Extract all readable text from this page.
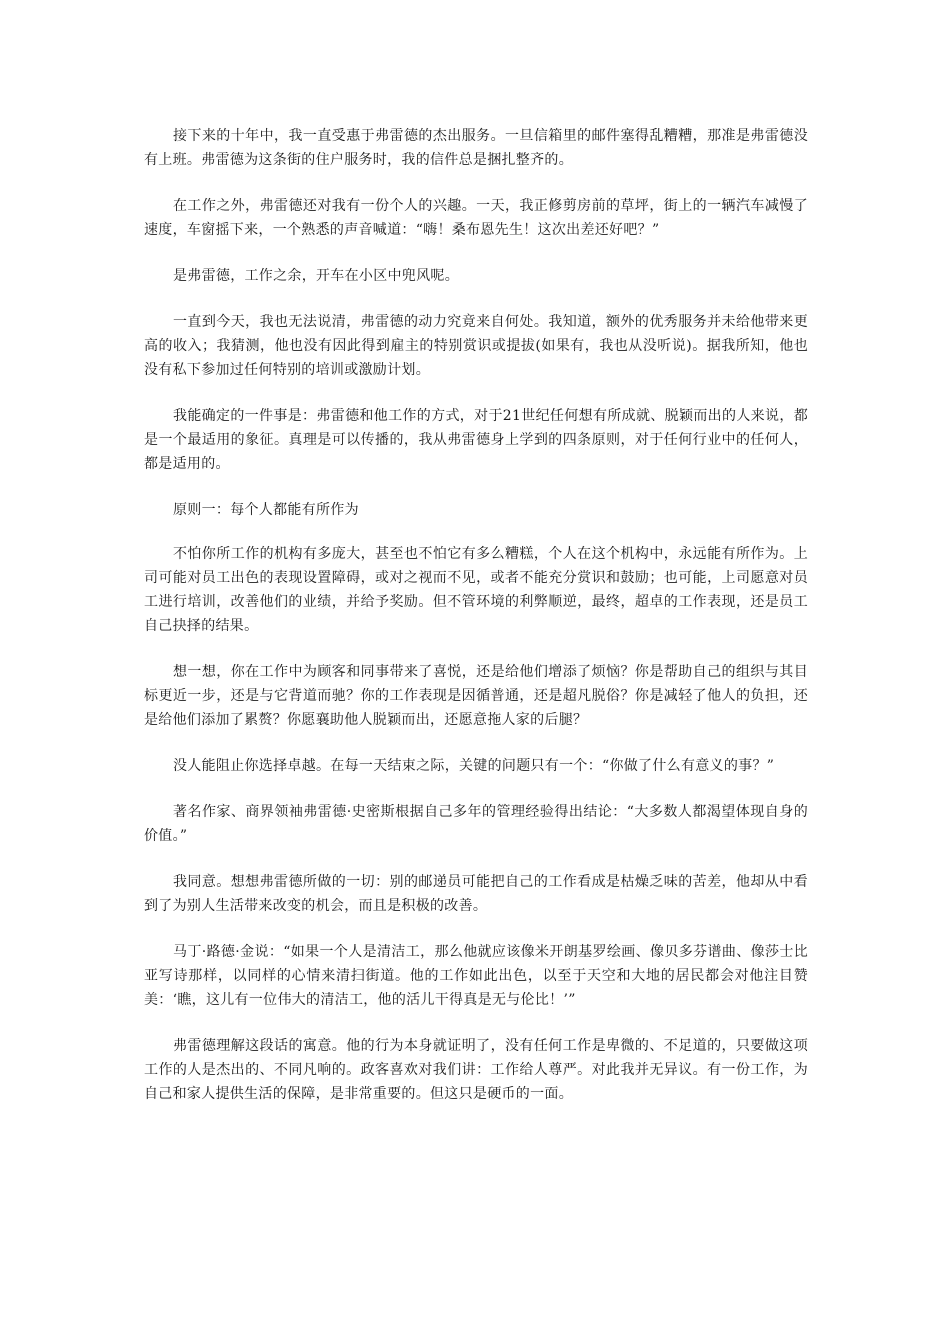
接下来的十年中，我一直受惠于弗雷德的杰出服务。一旦信箱里的邮件塞得乱糟糟，那准是弗雷德没有上班。弗雷德为这条街的住户服务时，我的信件总是捆扎整齐的。

在工作之外，弗雷德还对我有一份个人的兴趣。一天，我正修剪房前的草坪，街上的一辆汽车减慢了速度，车窗摇下来，一个熟悉的声音喊道：“嗨！桑布恩先生！这次出差还好吧？”

是弗雷德，工作之余，开车在小区中兜风呢。

一直到今天，我也无法说清，弗雷德的动力究竟来自何处。我知道，额外的优秀服务并未给他带来更高的收入；我猜测，他也没有因此得到雇主的特别赏识或提拔(如果有，我也从没听说)。据我所知，他也没有私下参加过任何特别的培训或激励计划。

我能确定的一件事是：弗雷德和他工作的方式，对于21世纪任何想有所成就、脱颖而出的人来说，都是一个最适用的象征。真理是可以传播的，我从弗雷德身上学到的四条原则，对于任何行业中的任何人，都是适用的。

原则一：每个人都能有所作为

不怕你所工作的机构有多庞大，甚至也不怕它有多么糟糕，个人在这个机构中，永远能有所作为。上司可能对员工出色的表现设置障碍，或对之视而不见，或者不能充分赏识和鼓励；也可能，上司愿意对员工进行培训，改善他们的业绩，并给予奖励。但不管环境的利弊顺逆，最终，超卓的工作表现，还是员工自己抉择的结果。

想一想，你在工作中为顾客和同事带来了喜悦，还是给他们增添了烦恼？你是帮助自己的组织与其目标更近一步，还是与它背道而驰？你的工作表现是因循普通，还是超凡脱俗？你是减轻了他人的负担，还是给他们添加了累赘？你愿襄助他人脱颖而出，还愿意拖人家的后腿？

没人能阻止你选择卓越。在每一天结束之际，关键的问题只有一个：“你做了什么有意义的事？”

著名作家、商界领袖弗雷德·史密斯根据自己多年的管理经验得出结论：“大多数人都渴望体现自身的价值。”

我同意。想想弗雷德所做的一切：别的邮递员可能把自己的工作看成是枯燥乏味的苦差，他却从中看到了为别人生活带来改变的机会，而且是积极的改善。

马丁·路德·金说：“如果一个人是清洁工，那么他就应该像米开朗基罗绘画、像贝多芬谱曲、像莎士比亚写诗那样，以同样的心情来清扫街道。他的工作如此出色，以至于天空和大地的居民都会对他注目赞美：‘瞧，这儿有一位伟大的清洁工，他的活儿干得真是无与伦比！’”

弗雷德理解这段话的寓意。他的行为本身就证明了，没有任何工作是卑微的、不足道的，只要做这项工作的人是杰出的、不同凡响的。政客喜欢对我们讲：工作给人尊严。对此我并无异议。有一份工作，为自己和家人提供生活的保障，是非常重要的。但这只是硬币的一面。
